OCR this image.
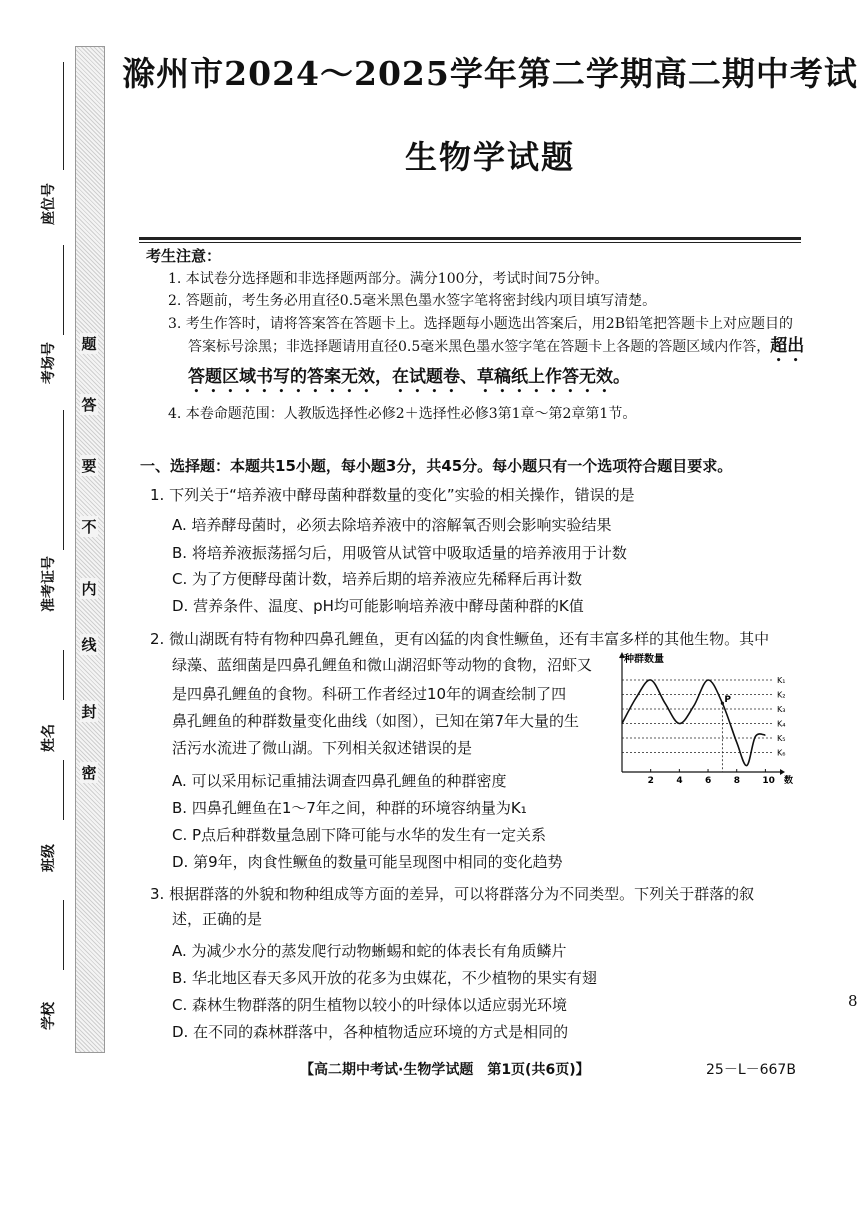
密
封
线
内
不
要
答
题
座位号
考场号
准考证号
姓名
班级
学校
滁州市2024～2025学年第二学期高二期中考试
生物学试题
考生注意：
1. 本试卷分选择题和非选择题两部分。满分100分，考试时间75分钟。
2. 答题前，考生务必用直径0.5毫米黑色墨水签字笔将密封线内项目填写清楚。
3. 考生作答时，请将答案答在答题卡上。选择题每小题选出答案后，用2B铅笔把答题卡上对应题目的答案标号涂黑；非选择题请用直径0.5毫米黑色墨水签字笔在答题卡上各题的答题区域内作答，超出答题区域书写的答案无效，在试题卷、草稿纸上作答无效。
4. 本卷命题范围：人教版选择性必修2＋选择性必修3第1章～第2章第1节。
一、选择题：本题共15小题，每小题3分，共45分。每小题只有一个选项符合题目要求。
1. 下列关于“培养液中酵母菌种群数量的变化”实验的相关操作，错误的是
A. 培养酵母菌时，必须去除培养液中的溶解氧否则会影响实验结果
B. 将培养液振荡摇匀后，用吸管从试管中吸取适量的培养液用于计数
C. 为了方便酵母菌计数，培养后期的培养液应先稀释后再计数
D. 营养条件、温度、pH均可能影响培养液中酵母菌种群的K值
2. 微山湖既有特有物种四鼻孔鲤鱼，更有凶猛的肉食性鳜鱼，还有丰富多样的其他生物。其中
绿藻、蓝细菌是四鼻孔鲤鱼和微山湖沼虾等动物的食物，沼虾又
是四鼻孔鲤鱼的食物。科研工作者经过10年的调查绘制了四
鼻孔鲤鱼的种群数量变化曲线（如图），已知在第7年大量的生
活污水流进了微山湖。下列相关叙述错误的是
A. 可以采用标记重捕法调查四鼻孔鲤鱼的种群密度
B. 四鼻孔鲤鱼在1～7年之间，种群的环境容纳量为K₁
C. P点后种群数量急剧下降可能与水华的发生有一定关系
D. 第9年，肉食性鳜鱼的数量可能呈现图中相同的变化趋势
种群数量
数
K₁
K₂
K₃
K₄
K₅
K₆
2 4 6 8 10
P
3. 根据群落的外貌和物种组成等方面的差异，可以将群落分为不同类型。下列关于群落的叙
述，正确的是
A. 为减少水分的蒸发爬行动物蜥蜴和蛇的体表长有角质鳞片
B. 华北地区春天多风开放的花多为虫媒花，不少植物的果实有翅
C. 森林生物群落的阴生植物以较小的叶绿体以适应弱光环境
D. 在不同的森林群落中，各种植物适应环境的方式是相同的
8
【高二期中考试·生物学试题　第1页(共6页)】	25－L－667B
